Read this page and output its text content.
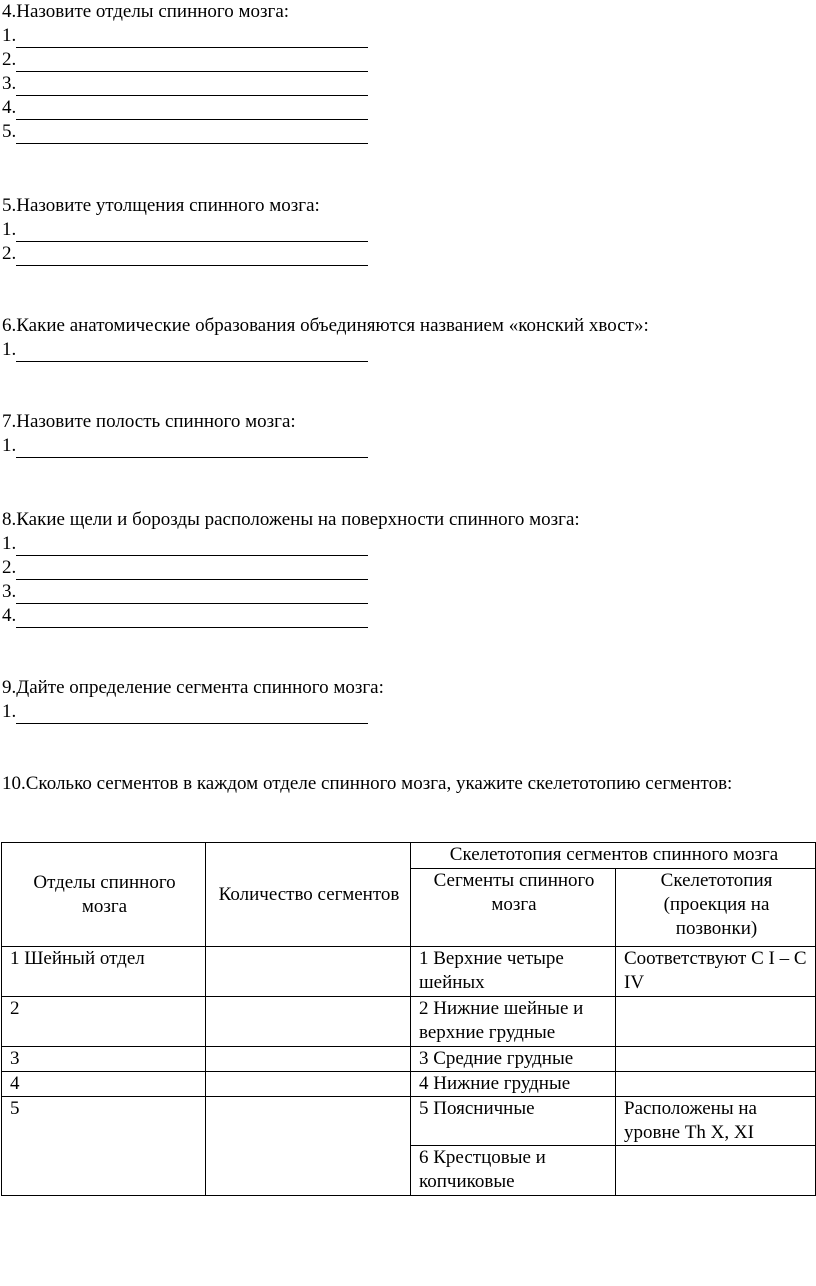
4.Назовите отделы спинного мозга:
1.
2.
3.
4.
5.
5.Назовите утолщения спинного мозга:
1.
2.
6.Какие анатомические образования объединяются названием «конский хвост»:
1.
7.Назовите полость спинного мозга:
1.
8.Какие щели и борозды расположены на поверхности спинного мозга:
1.
2.
3.
4.
9.Дайте определение сегмента спинного мозга:
1.
10.Сколько сегментов в каждом отделе спинного мозга, укажите скелетотопию сегментов:
Отделы спинного мозга	Количество сегментов	Скелетотопия сегментов спинного мозга	
		Сегменты спинного мозга	Скелетотопия (проекция на позвонки)
1 Шейный отдел		1 Верхние четыре шейных	Соответствуют С I – С IV
2		2 Нижние шейные и верхние грудные	
3		3 Средние грудные	
4		4 Нижние грудные	
5		5 Поясничные	Расположены на уровне Th X, XI
		6 Крестцовые и копчиковые	
